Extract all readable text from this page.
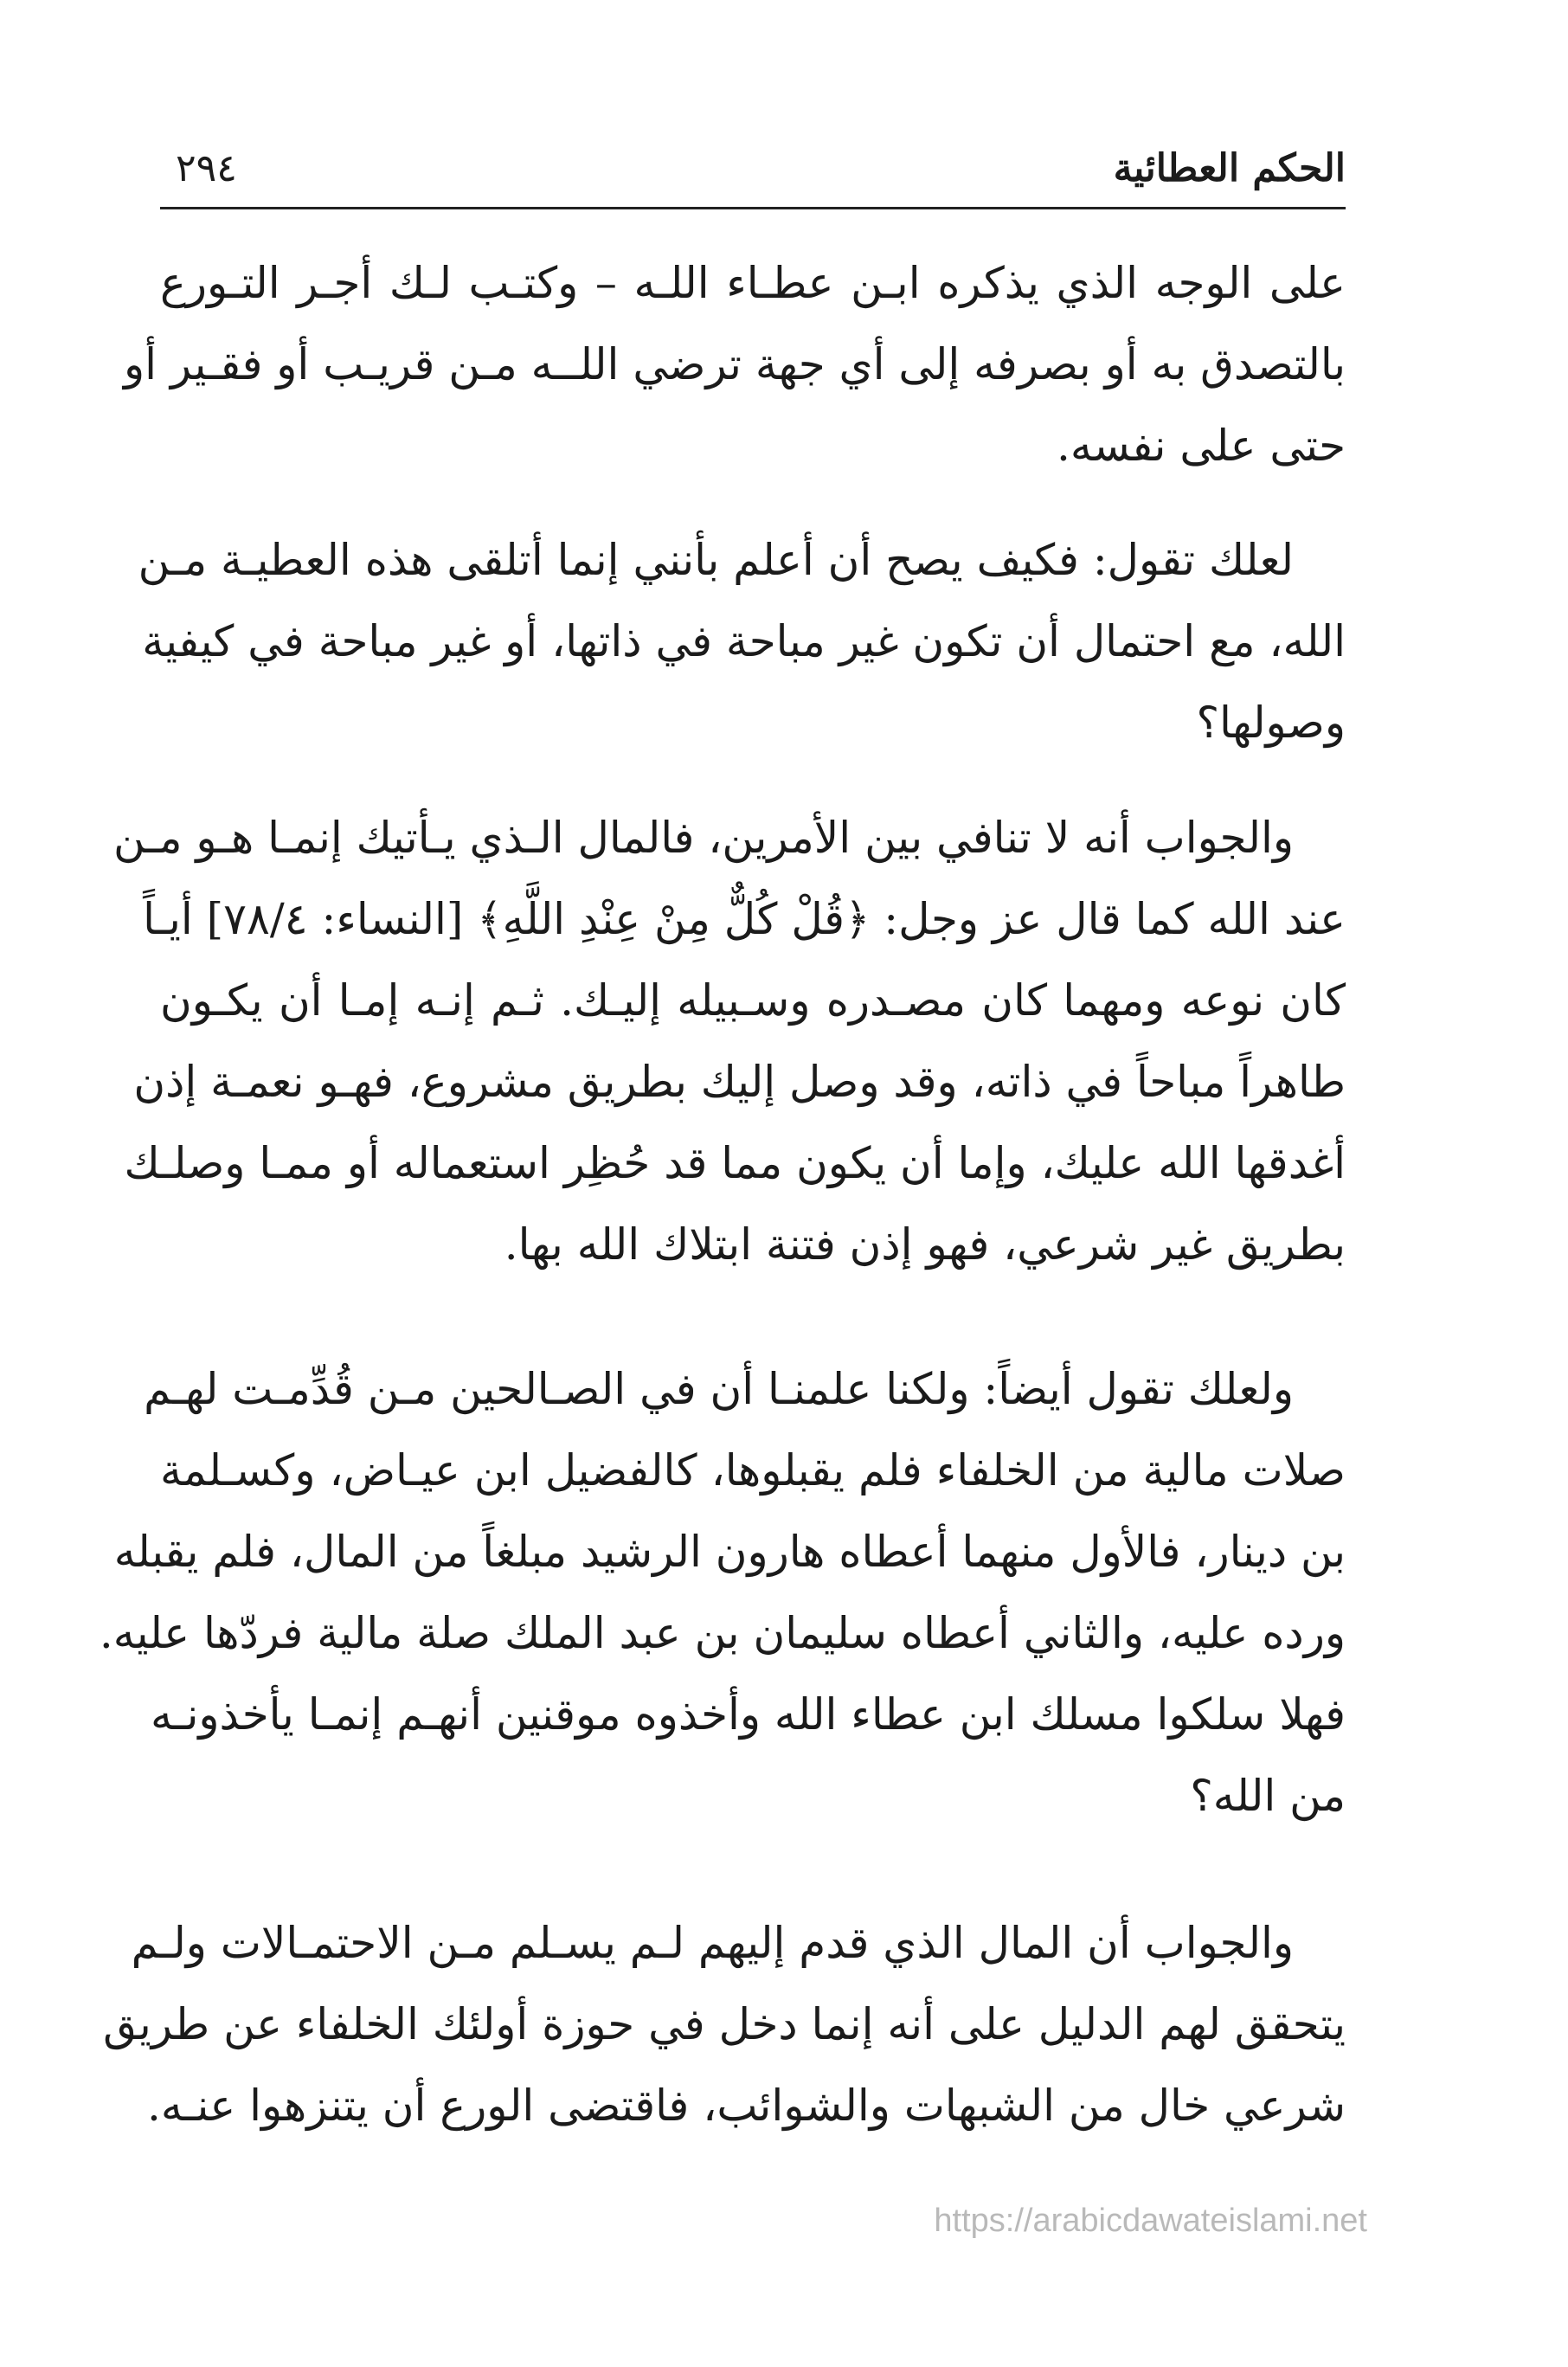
الحكم العطائية
٢٩٤
على الوجه الذي يذكره ابـن عطـاء اللـه – وكتـب لـك أجـر التـورع
بالتصدق به أو بصرفه إلى أي جهة ترضي اللــه مـن قريـب أو فقـير أو
حتى على نفسه.
لعلك تقول: فكيف يصح أن أعلم بأنني إنما أتلقى هذه العطيـة مـن
الله، مع احتمال أن تكون غير مباحة في ذاتها، أو غير مباحة في كيفية
وصولها؟
والجواب أنه لا تنافي بين الأمرين، فالمال الـذي يـأتيك إنمـا هـو مـن
عند الله كما قال عز وجل: ﴿قُلْ كُلٌّ مِنْ عِنْدِ اللَّهِ﴾ [النساء: ٧٨/٤] أيـاً
كان نوعه ومهما كان مصـدره وسـبيله إليـك. ثـم إنـه إمـا أن يكـون
طاهراً مباحاً في ذاته، وقد وصل إليك بطريق مشروع، فهـو نعمـة إذن
أغدقها الله عليك، وإما أن يكون مما قد حُظِر استعماله أو ممـا وصلـك
بطريق غير شرعي، فهو إذن فتنة ابتلاك الله بها.
ولعلك تقول أيضاً: ولكنا علمنـا أن في الصـالحين مـن قُدِّمـت لهـم
صلات مالية من الخلفاء فلم يقبلوها، كالفضيل ابن عيـاض، وكسـلمة
بن دينار، فالأول منهما أعطاه هارون الرشيد مبلغاً من المال، فلم يقبله
ورده عليه، والثاني أعطاه سليمان بن عبد الملك صلة مالية فردّها عليه.
فهلا سلكوا مسلك ابن عطاء الله وأخذوه موقنين أنهـم إنمـا يأخذونـه
من الله؟
والجواب أن المال الذي قدم إليهم لـم يسـلم مـن الاحتمـالات ولـم
يتحقق لهم الدليل على أنه إنما دخل في حوزة أولئك الخلفاء عن طريق
شرعي خال من الشبهات والشوائب، فاقتضى الورع أن يتنزهوا عنـه.
https://arabicdawateislami.net
